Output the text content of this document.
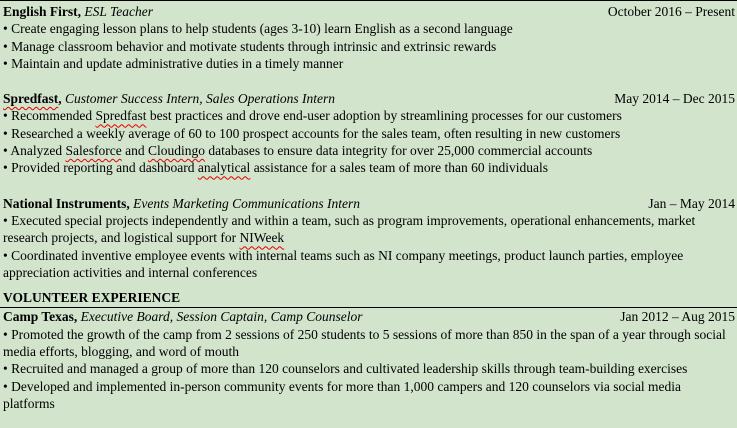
English First, ESL Teacher	October 2016 – Present

• Create engaging lesson plans to help students (ages 3-10) learn English as a second language

• Manage classroom behavior and motivate students through intrinsic and extrinsic rewards

• Maintain and update administrative duties in a timely manner

Spredfast, Customer Success Intern, Sales Operations Intern	May 2014 – Dec 2015

• Recommended Spredfast best practices and drove end-user adoption by streamlining processes for our customers

• Researched a weekly average of 60 to 100 prospect accounts for the sales team, often resulting in new customers

• Analyzed Salesforce and Cloudingo databases to ensure data integrity for over 25,000 commercial accounts

• Provided reporting and dashboard analytical assistance for a sales team of more than 60 individuals

National Instruments, Events Marketing Communications Intern	Jan – May 2014

• Executed special projects independently and within a team, such as program improvements, operational enhancements, market research projects, and logistical support for NIWeek

• Coordinated inventive employee events with internal teams such as NI company meetings, product launch parties, employee appreciation activities and internal conferences

VOLUNTEER EXPERIENCE

Camp Texas, Executive Board, Session Captain, Camp Counselor	Jan 2012 – Aug 2015

• Promoted the growth of the camp from 2 sessions of 250 students to 5 sessions of more than 850 in the span of a year through social media efforts, blogging, and word of mouth

• Recruited and managed a group of more than 120 counselors and cultivated leadership skills through team-building exercises

• Developed and implemented in-person community events for more than 1,000 campers and 120 counselors via social media platforms
